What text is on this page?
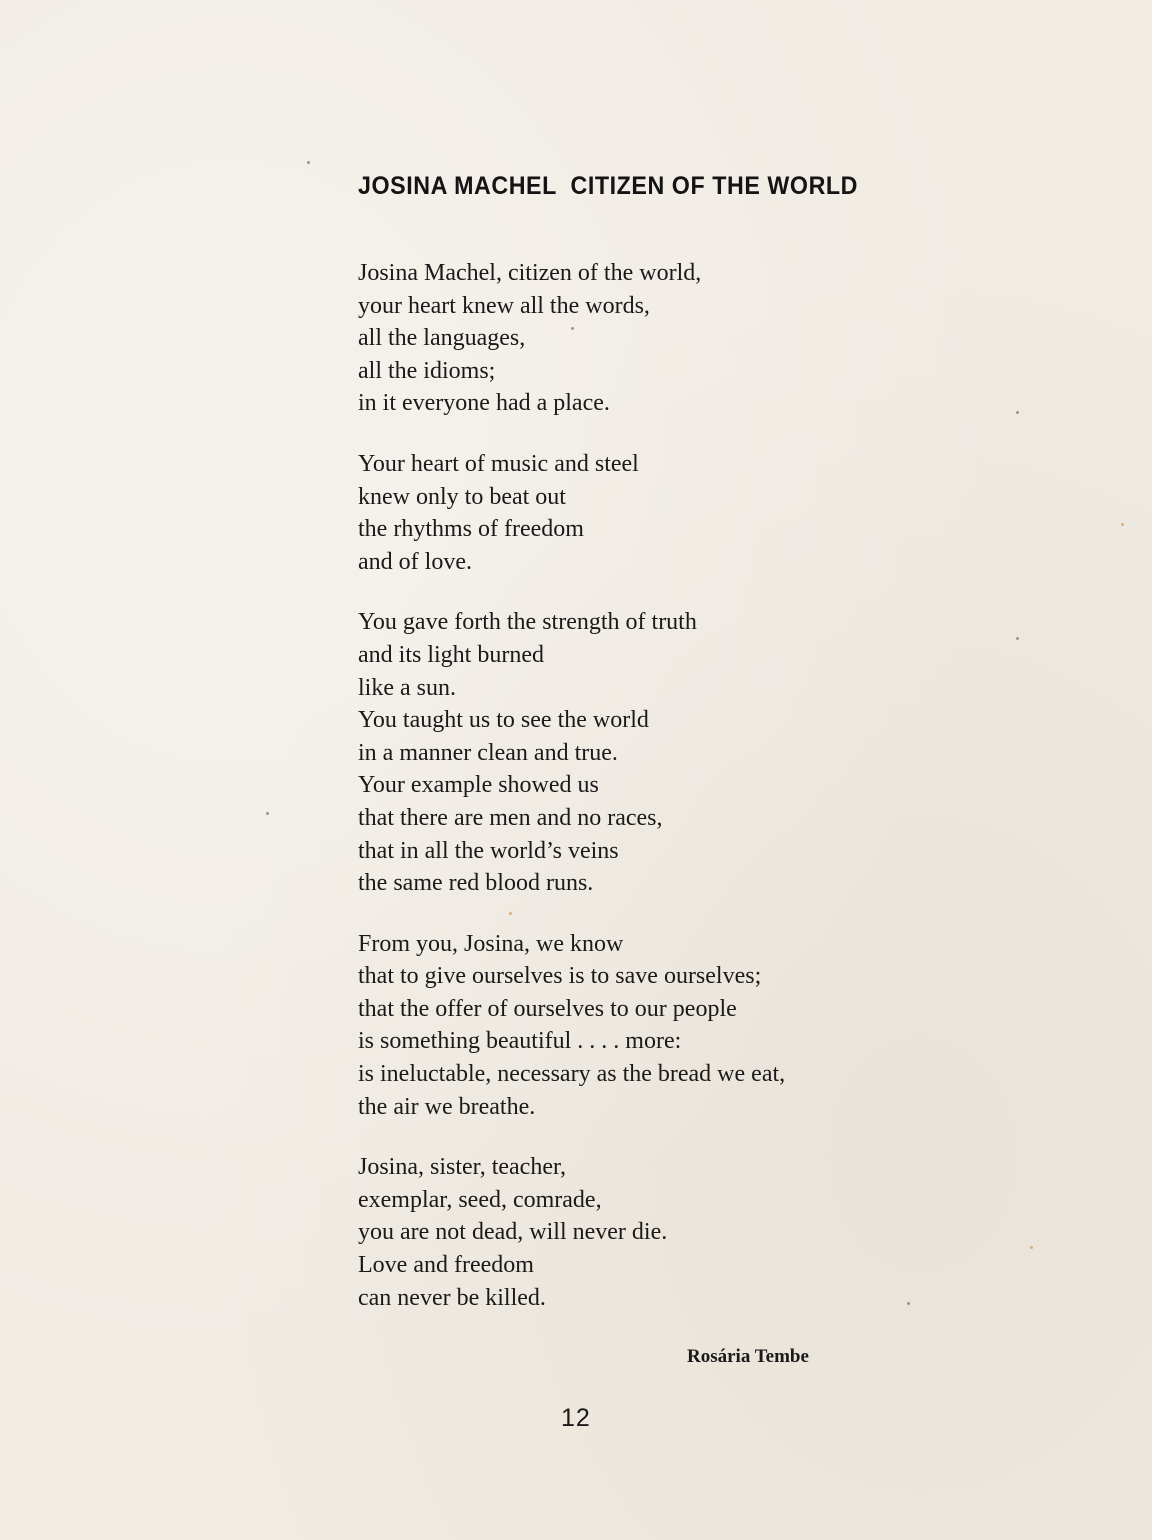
JOSINA MACHEL  CITIZEN OF THE WORLD
Josina Machel, citizen of the world,
your heart knew all the words,
all the languages,
all the idioms;
in it everyone had a place.
Your heart of music and steel
knew only to beat out
the rhythms of freedom
and of love.
You gave forth the strength of truth
and its light burned
like a sun.
You taught us to see the world
in a manner clean and true.
Your example showed us
that there are men and no races,
that in all the world’s veins
the same red blood runs.
From you, Josina, we know
that to give ourselves is to save ourselves;
that the offer of ourselves to our people
is something beautiful . . . . more:
is ineluctable, necessary as the bread we eat,
the air we breathe.
Josina, sister, teacher,
exemplar, seed, comrade,
you are not dead, will never die.
Love and freedom
can never be killed.
Rosária Tembe
12
